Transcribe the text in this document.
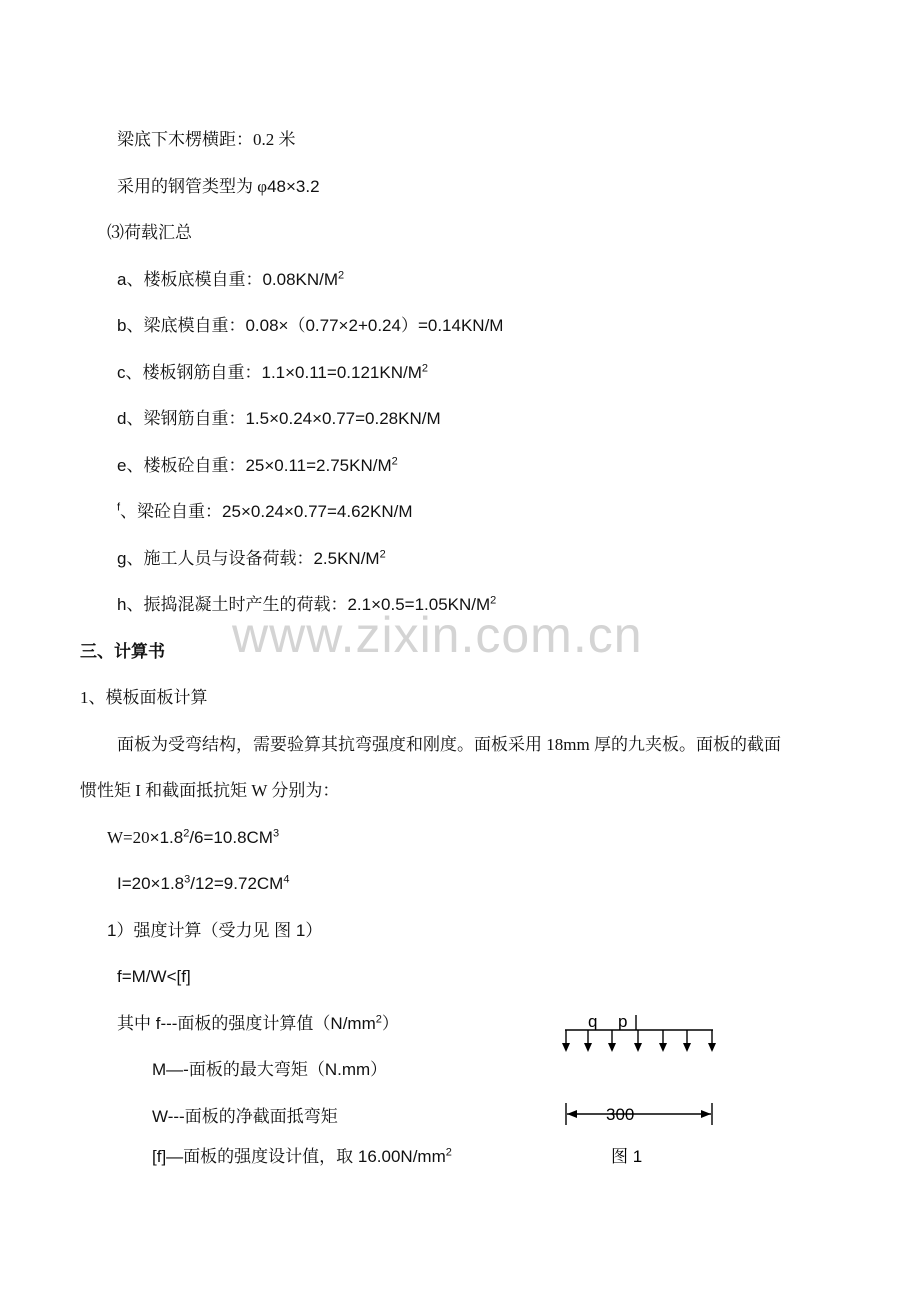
www.zixin.com.cn
梁底下木楞横距：0.2 米
采用的钢管类型为 φ48×3.2
⑶荷载汇总
a、楼板底模自重：$0.08KN/M^2$
b、梁底模自重：0.08×（0.77×2+0.24）=0.14KN/M
c、楼板钢筋自重：$1.1\times 0.11=0.121KN/M^2$
d、梁钢筋自重：1.5×0.24×0.77=0.28KN/M
e、楼板砼自重：$25\times 0.11=2.75KN/M^2$
$^f$、梁砼自重：25×0.24×0.77=4.62KN/M
g、施工人员与设备荷载：$2.5KN/M^2$
h、振捣混凝土时产生的荷载：$2.1\times 0.5=1.05KN/M^2$
三、计算书
1、模板面板计算
面板为受弯结构，需要验算其抗弯强度和刚度。面板采用 18mm 厚的九夹板。面板的截面
惯性矩 I 和截面抵抗矩 W 分别为：
$W=20\times 1.8^2/6=10.8CM^3$
$I=20\times 1.8^3/12=9.72CM^4$
1）强度计算（受力见 图 1）
f=M/W<[f]
其中 f---面板的强度计算值$(N/mm^2)$
M—-面板的最大弯矩（N.mm）
W---面板的净截面抵弯矩
[f]—面板的强度设计值，取 $16.00N/mm^2$
q p
300
图 1
